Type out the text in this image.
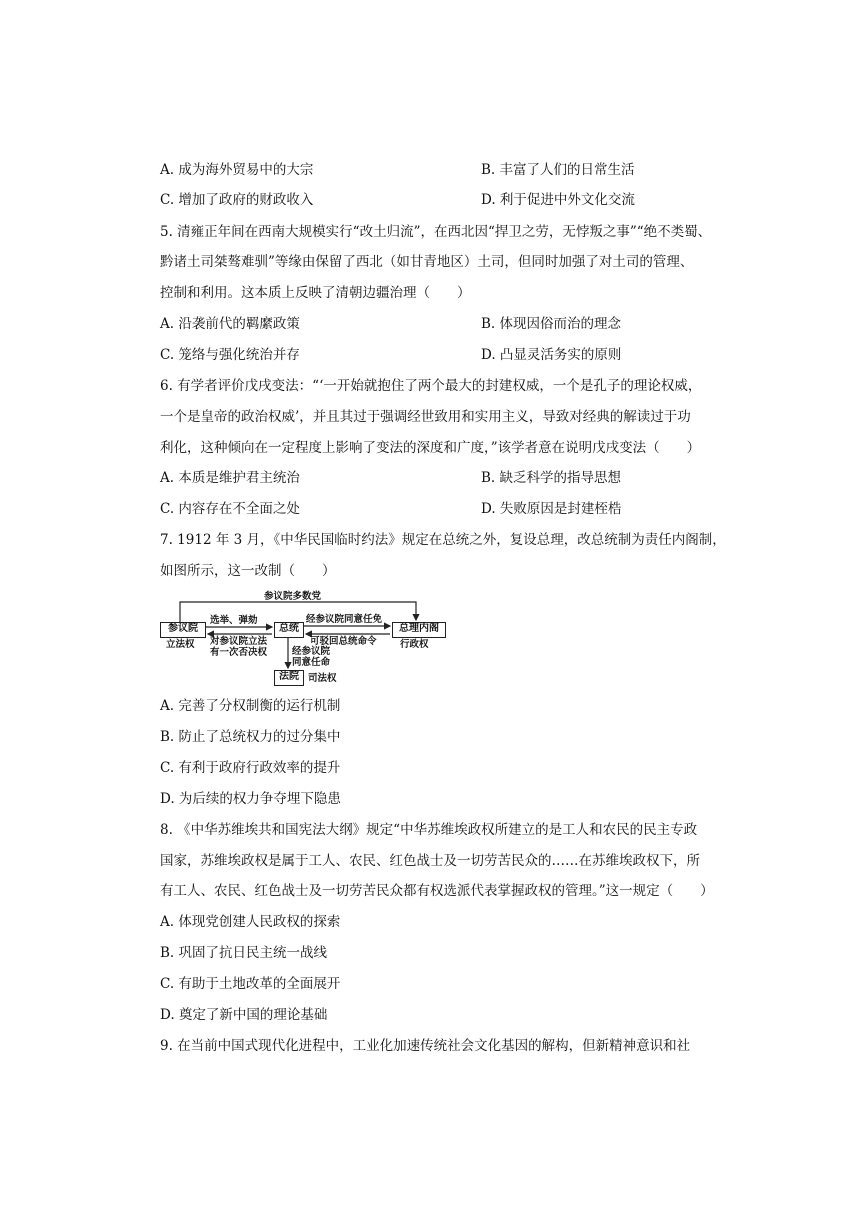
A. 成为海外贸易中的大宗	B. 丰富了人们的日常生活
C. 增加了政府的财政收入	D. 利于促进中外文化交流
5. 清雍正年间在西南大规模实行“改土归流”，在西北因“捍卫之劳，无悖叛之事”“绝不类蜀、
黔诸土司桀骜难驯”等缘由保留了西北（如甘青地区）土司，但同时加强了对土司的管理、
控制和利用。这本质上反映了清朝边疆治理（　　）
A. 沿袭前代的羁縻政策	B. 体现因俗而治的理念
C. 笼络与强化统治并存	D. 凸显灵活务实的原则
6. 有学者评价戊戌变法：“‘一开始就抱住了两个最大的封建权威，一个是孔子的理论权威，
一个是皇帝的政治权威’，并且其过于强调经世致用和实用主义，导致对经典的解读过于功
利化，这种倾向在一定程度上影响了变法的深度和广度，”该学者意在说明戊戌变法（　　）
A. 本质是维护君主统治	B. 缺乏科学的指导思想
C. 内容存在不全面之处	D. 失败原因是封建桎梏
7. 1912 年 3 月，《中华民国临时约法》规定在总统之外，复设总理，改总统制为责任内阁制，
如图所示，这一改制（　　）
参议院多数党
参议院
立法权
选举、弹劾
对参议院立法
有一次否决权
总统
经参议院同意任免
可驳回总统命令
总理内阁
行政权
经参议院
同意任命
法院 司法权
A. 完善了分权制衡的运行机制
B. 防止了总统权力的过分集中
C. 有利于政府行政效率的提升
D. 为后续的权力争夺埋下隐患
8. 《中华苏维埃共和国宪法大纲》规定“中华苏维埃政权所建立的是工人和农民的民主专政
国家，苏维埃政权是属于工人、农民、红色战士及一切劳苦民众的……在苏维埃政权下，所
有工人、农民、红色战士及一切劳苦民众都有权选派代表掌握政权的管理。”这一规定（　　）
A. 体现党创建人民政权的探索
B. 巩固了抗日民主统一战线
C. 有助于土地改革的全面展开
D. 奠定了新中国的理论基础
9. 在当前中国式现代化进程中，工业化加速传统社会文化基因的解构，但新精神意识和社
